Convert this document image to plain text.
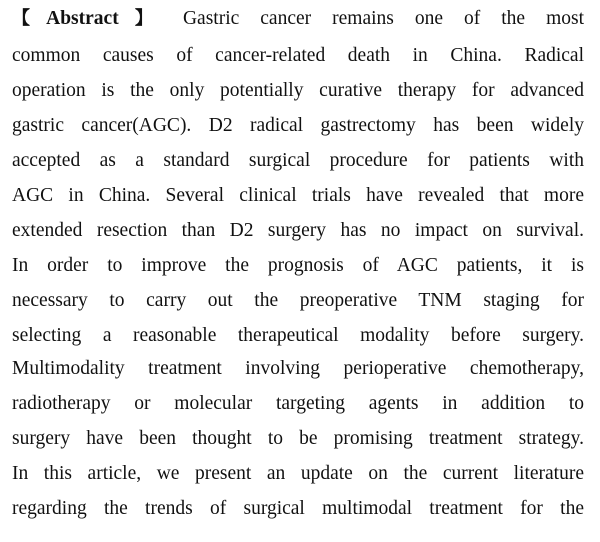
【Abstract】 Gastric cancer remains one of the most
common causes of cancer-related death in China. Radical
operation is the only potentially curative therapy for advanced
gastric cancer(AGC). D2 radical gastrectomy has been widely
accepted as a standard surgical procedure for patients with
AGC in China. Several clinical trials have revealed that more
extended resection than D2 surgery has no impact on survival.
In order to improve the prognosis of AGC patients, it is
necessary to carry out the preoperative TNM staging for
selecting a reasonable therapeutical modality before surgery.
Multimodality treatment involving perioperative chemotherapy,
radiotherapy or molecular targeting agents in addition to
surgery have been thought to be promising treatment strategy.
In this article, we present an update on the current literature
regarding the trends of surgical multimodal treatment for the
